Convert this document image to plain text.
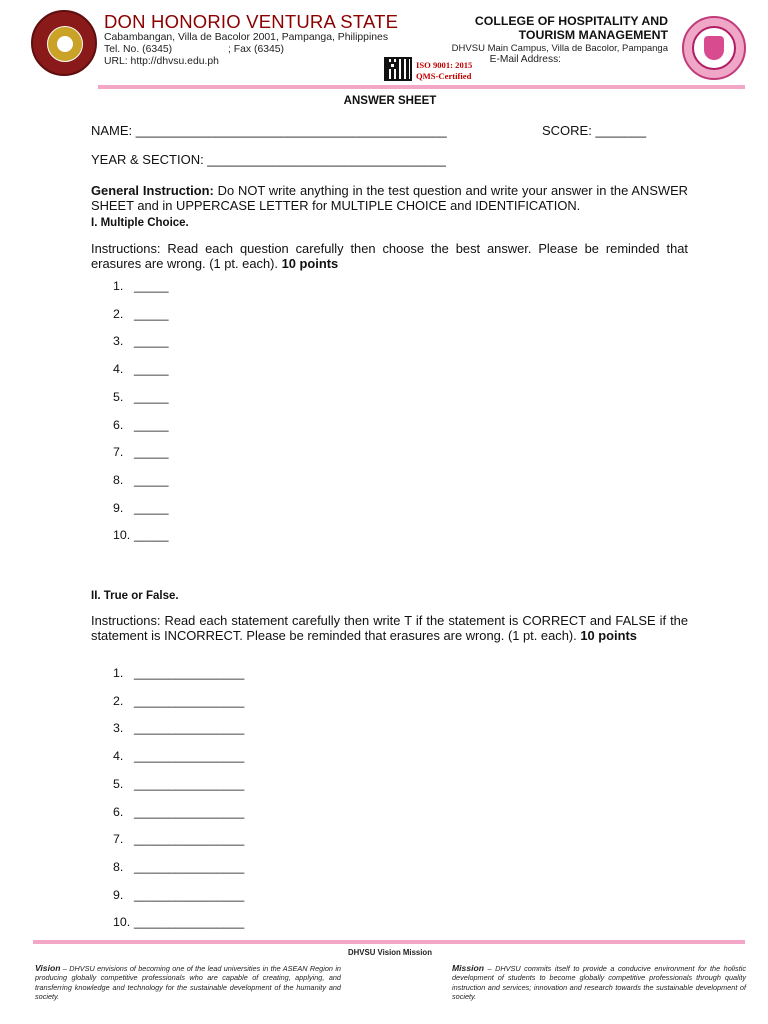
DON HONORIO VENTURA STATE
Cabambangan, Villa de Bacolor 2001, Pampanga, Philippines
Tel. No. (6345)	; Fax (6345)
URL: http://dhvsu.edu.ph	ISO 9001: 2015
QMS-Certified
COLLEGE OF HOSPITALITY AND
TOURISM MANAGEMENT
DHVSU Main Campus, Villa de Bacolor, Pampanga
E-Mail Address:
ANSWER SHEET
NAME: ___________________________________________	SCORE: _______
YEAR & SECTION: _________________________________
General Instruction: Do NOT write anything in the test question and write your answer in the ANSWER SHEET and in UPPERCASE LETTER for MULTIPLE CHOICE and IDENTIFICATION.
I. Multiple Choice.
Instructions: Read each question carefully then choose the best answer. Please be reminded that erasures are wrong. (1 pt. each). 10 points
1. _____
2. _____
3. _____
4. _____
5. _____
6. _____
7. _____
8. _____
9. _____
10. _____
II. True or False.
Instructions: Read each statement carefully then write T if the statement is CORRECT and FALSE if the statement is INCORRECT. Please be reminded that erasures are wrong. (1 pt. each). 10 points
1. ________________
2. ________________
3. ________________
4. ________________
5. ________________
6. ________________
7. ________________
8. ________________
9. ________________
10. ________________
DHVSU Vision Mission
Vision – DHVSU envisions of becoming one of the lead universities in the ASEAN Region in producing globally competitive professionals who are capable of creating, applying, and transferring knowledge and technology for the sustainable development of the humanity and society.
Mission – DHVSU commits itself to provide a conducive environment for the holistic development of students to become globally competitive professionals through quality instruction and services; innovation and research towards the sustainable development of society.
